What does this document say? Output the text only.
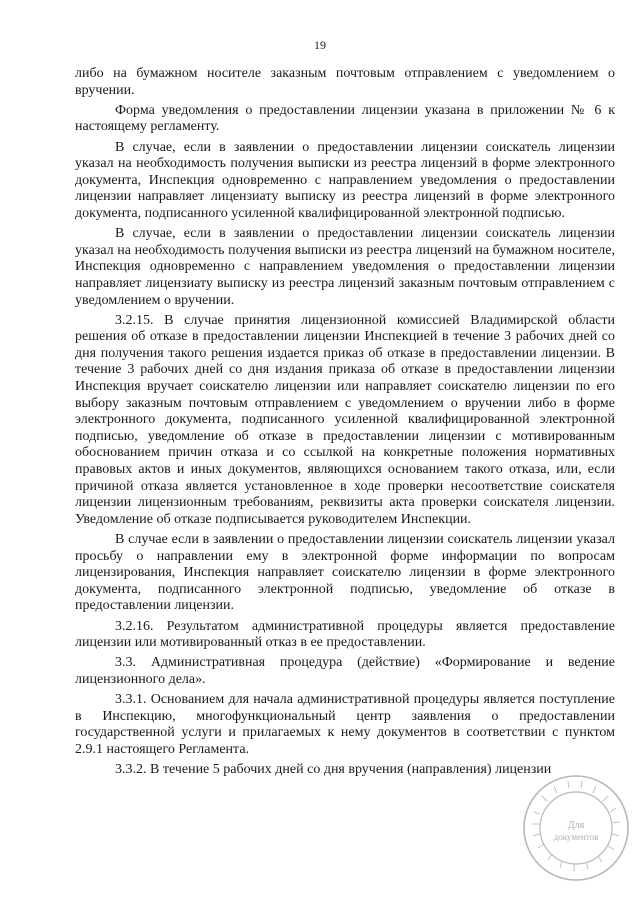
19

либо на бумажном носителе заказным почтовым отправлением с уведомлением о вручении.

Форма уведомления о предоставлении лицензии указана в приложении № 6 к настоящему регламенту.

В случае, если в заявлении о предоставлении лицензии соискатель лицензии указал на необходимость получения выписки из реестра лицензий в форме электронного документа, Инспекция одновременно с направлением уведомления о предоставлении лицензии направляет лицензиату выписку из реестра лицензий в форме электронного документа, подписанного усиленной квалифицированной электронной подписью.

В случае, если в заявлении о предоставлении лицензии соискатель лицензии указал на необходимость получения выписки из реестра лицензий на бумажном носителе, Инспекция одновременно с направлением уведомления о предоставлении лицензии направляет лицензиату выписку из реестра лицензий заказным почтовым отправлением с уведомлением о вручении.

3.2.15. В случае принятия лицензионной комиссией Владимирской области решения об отказе в предоставлении лицензии Инспекцией в течение 3 рабочих дней со дня получения такого решения издается приказ об отказе в предоставлении лицензии. В течение 3 рабочих дней со дня издания приказа об отказе в предоставлении лицензии Инспекция вручает соискателю лицензии или направляет соискателю лицензии по его выбору заказным почтовым отправлением с уведомлением о вручении либо в форме электронного документа, подписанного усиленной квалифицированной электронной подписью, уведомление об отказе в предоставлении лицензии с мотивированным обоснованием причин отказа и со ссылкой на конкретные положения нормативных правовых актов и иных документов, являющихся основанием такого отказа, или, если причиной отказа является установленное в ходе проверки несоответствие соискателя лицензии лицензионным требованиям, реквизиты акта проверки соискателя лицензии. Уведомление об отказе подписывается руководителем Инспекции.

В случае если в заявлении о предоставлении лицензии соискатель лицензии указал просьбу о направлении ему в электронной форме информации по вопросам лицензирования, Инспекция направляет соискателю лицензии в форме электронного документа, подписанного электронной подписью, уведомление об отказе в предоставлении лицензии.

3.2.16. Результатом административной процедуры является предоставление лицензии или мотивированный отказ в ее предоставлении.

3.3. Административная процедура (действие) «Формирование и ведение лицензионного дела».

3.3.1. Основанием для начала административной процедуры является поступление в Инспекцию, многофункциональный центр заявления о предоставлении государственной услуги и прилагаемых к нему документов в соответствии с пунктом 2.9.1 настоящего Регламента.

3.3.2. В течение 5 рабочих дней со дня вручения (направления) лицензии

Для
документов
